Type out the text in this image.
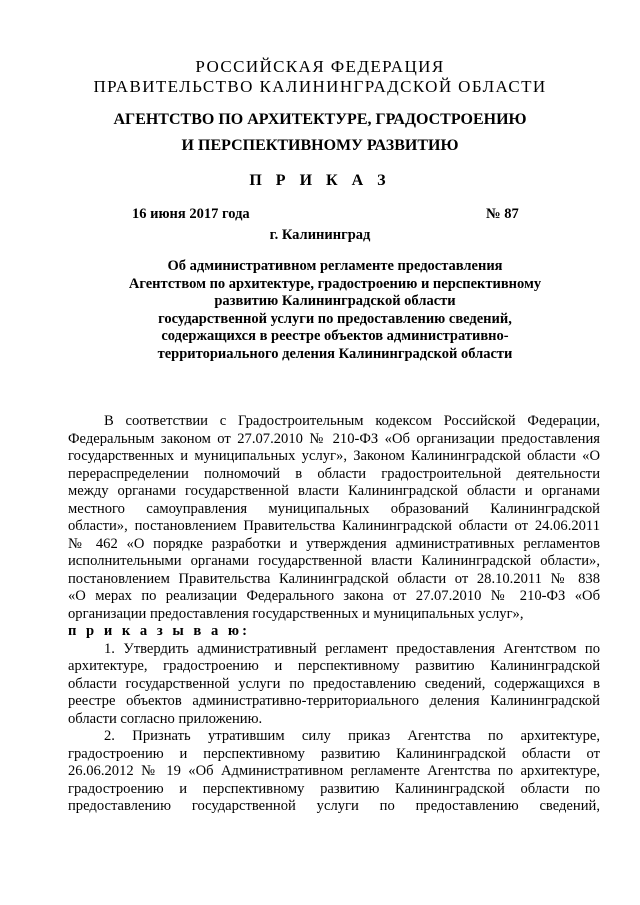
РОССИЙСКАЯ ФЕДЕРАЦИЯ
ПРАВИТЕЛЬСТВО КАЛИНИНГРАДСКОЙ ОБЛАСТИ
АГЕНТСТВО ПО АРХИТЕКТУРЕ, ГРАДОСТРОЕНИЮ
И ПЕРСПЕКТИВНОМУ РАЗВИТИЮ
П Р И К А З
16 июня 2017 года	№ 87
г. Калининград
Об административном регламенте предоставления
Агентством по архитектуре, градостроению и перспективному
развитию Калининградской области
государственной услуги по предоставлению сведений,
содержащихся в реестре объектов административно-
территориального деления Калининградской области
В соответствии с Градостроительным кодексом Российской Федерации,
Федеральным законом от 27.07.2010 № 210-ФЗ «Об организации предоставления
государственных и муниципальных услуг», Законом Калининградской области «О
перераспределении полномочий в области градостроительной деятельности
между органами государственной власти Калининградской области и органами
местного самоуправления муниципальных образований Калининградской
области», постановлением Правительства Калининградской области от 24.06.2011
№ 462 «О порядке разработки и утверждения административных регламентов
исполнительными органами государственной власти Калининградской области»,
постановлением Правительства Калининградской области от 28.10.2011 № 838
«О мерах по реализации Федерального закона от 27.07.2010 № 210-ФЗ «Об
организации предоставления государственных и муниципальных услуг»,
п р и к а з ы в а ю:
1. Утвердить административный регламент предоставления Агентством по
архитектуре, градостроению и перспективному развитию Калининградской
области государственной услуги по предоставлению сведений, содержащихся в
реестре объектов административно-территориального деления Калининградской
области согласно приложению.
2. Признать утратившим силу приказ Агентства по архитектуре,
градостроению и перспективному развитию Калининградской области от
26.06.2012 № 19 «Об Административном регламенте Агентства по архитектуре,
градостроению и перспективному развитию Калининградской области по
предоставлению государственной услуги по предоставлению сведений,
